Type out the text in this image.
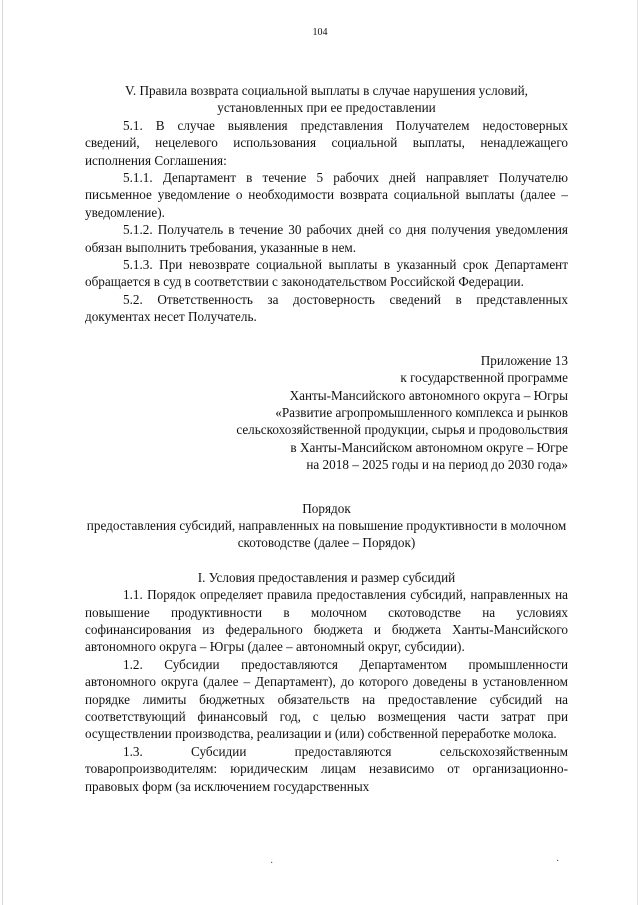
104

V. Правила возврата социальной выплаты в случае нарушения условий, установленных при ее предоставлении

5.1. В случае выявления представления Получателем недостоверных сведений, нецелевого использования социальной выплаты, ненадлежащего исполнения Соглашения:

5.1.1. Департамент в течение 5 рабочих дней направляет Получателю письменное уведомление о необходимости возврата социальной выплаты (далее – уведомление).

5.1.2. Получатель в течение 30 рабочих дней со дня получения уведомления обязан выполнить требования, указанные в нем.

5.1.3. При невозврате социальной выплаты в указанный срок Департамент обращается в суд в соответствии с законодательством Российской Федерации.

5.2. Ответственность за достоверность сведений в представленных документах несет Получатель.

Приложение 13

к государственной программе

Ханты-Мансийского автономного округа – Югры

«Развитие агропромышленного комплекса и рынков

сельскохозяйственной продукции, сырья и продовольствия

в Ханты-Мансийском автономном округе – Югре

на 2018 – 2025 годы и на период до 2030 года»

Порядок

предоставления субсидий, направленных на повышение продуктивности в молочном скотоводстве (далее – Порядок)

I. Условия предоставления и размер субсидий

1.1. Порядок определяет правила предоставления субсидий, направленных на повышение продуктивности в молочном скотоводстве на условиях софинансирования из федерального бюджета и бюджета Ханты-Мансийского автономного округа – Югры (далее – автономный округ, субсидии).

1.2. Субсидии предоставляются Департаментом промышленности автономного округа (далее – Департамент), до которого доведены в установленном порядке лимиты бюджетных обязательств на предоставление субсидий на соответствующий финансовый год, с целью возмещения части затрат при осуществлении производства, реализации и (или) собственной переработке молока.

1.3. Субсидии предоставляются сельскохозяйственным товаропроизводителям: юридическим лицам независимо от организационно-правовых форм (за исключением государственных

·	·
